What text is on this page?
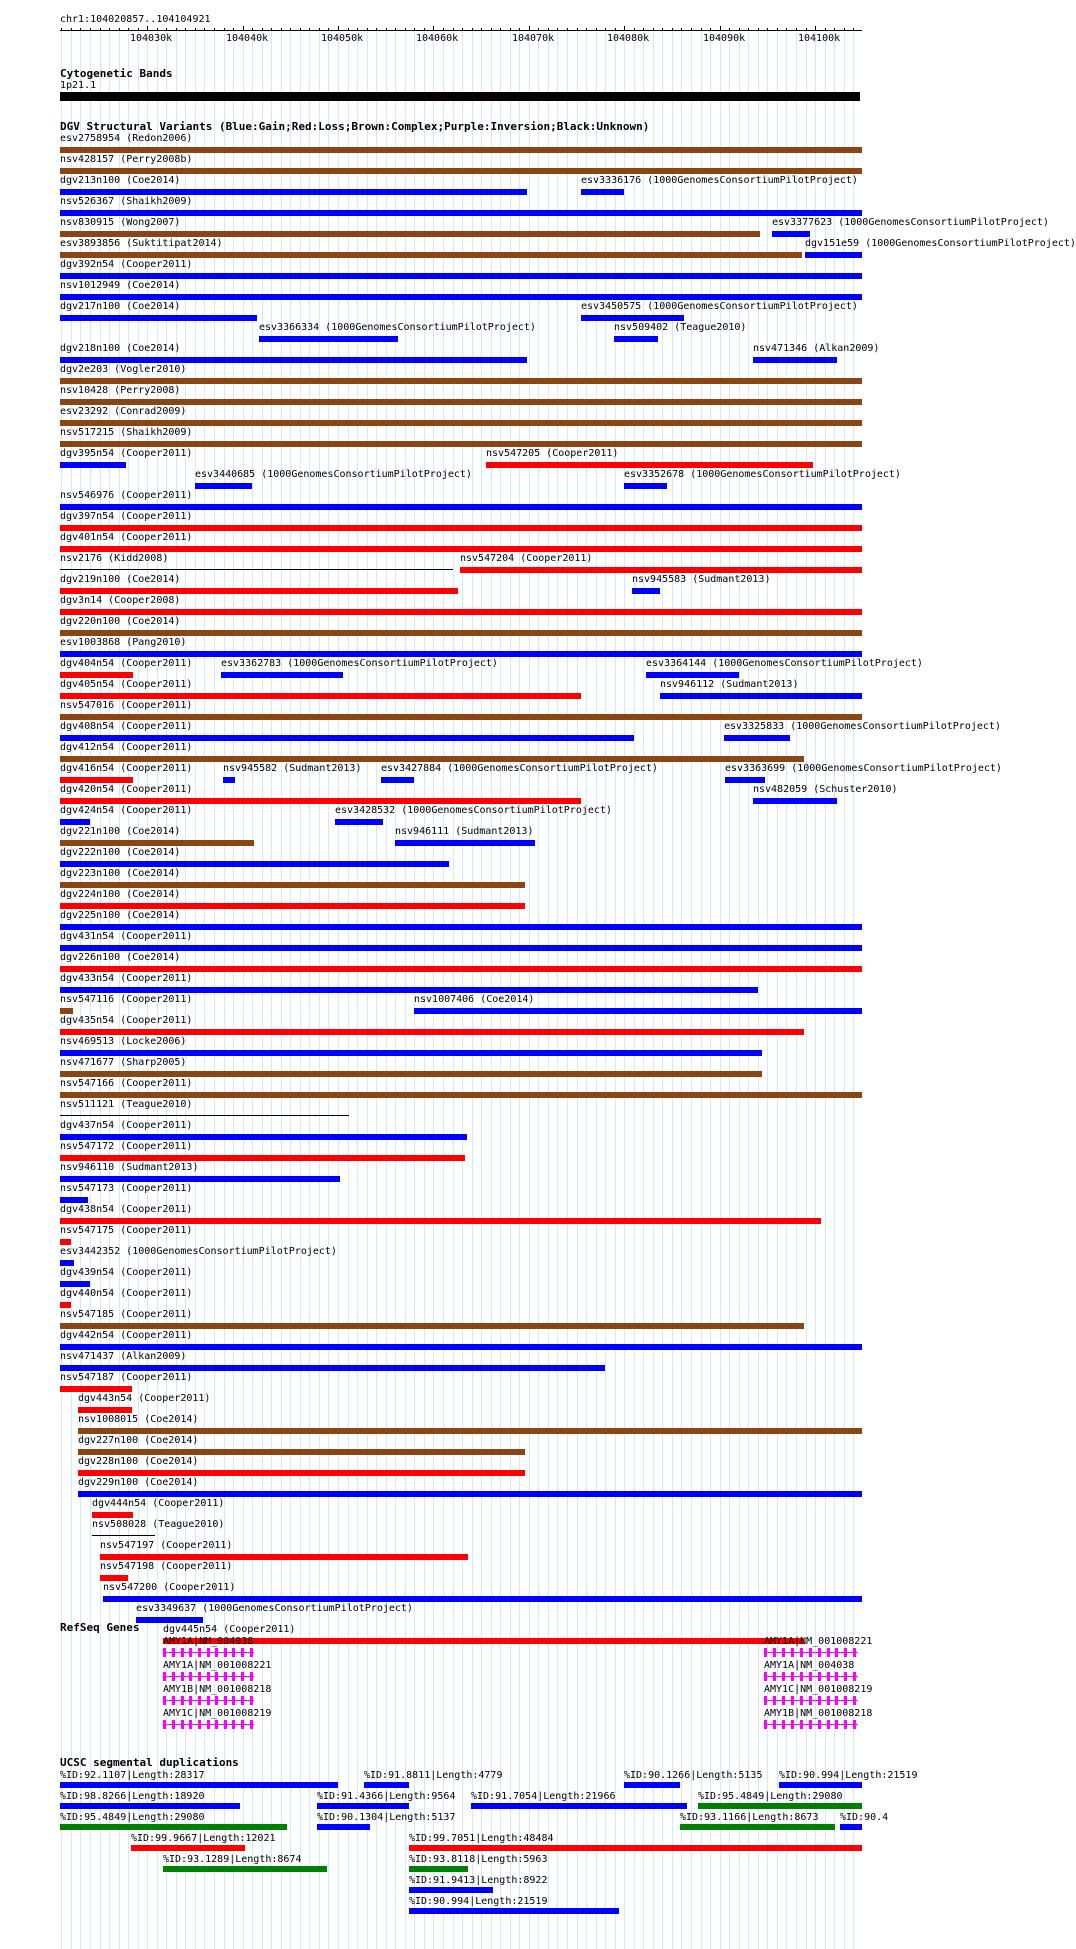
chr1:104020857..104104921
104030k	104040k	104050k	104060k	104070k	104080k	104090k	104100k
Cytogenetic Bands
1p21.1
DGV Structural Variants (Blue:Gain;Red:Loss;Brown:Complex;Purple:Inversion;Black:Unknown)
esv2758954 (Redon2006)
nsv428157 (Perry2008b)
dgv213n100 (Coe2014)	esv3336176 (1000GenomesConsortiumPilotProject)
nsv526367 (Shaikh2009)
nsv830915 (Wong2007)	esv3377623 (1000GenomesConsortiumPilotProject)
esv3893856 (Suktitipat2014)
dgv392n54 (Cooper2011)
nsv1012949 (Coe2014)
dgv217n100 (Coe2014)
esv3366334 (1000GenomesConsortiumPilotProject)
esv3450575 (1000GenomesConsortiumPilotProject)
dgv218n100 (Coe2014)
nsv509402 (Teague2010)
nsv471346 (Alkan2009)
dgv2e203 (Vogler2010)
nsv10428 (Perry2008)
esv23292 (Conrad2009)
nsv517215 (Shaikh2009)
dgv395n54 (Cooper2011)
esv3440685 (1000GenomesConsortiumPilotProject)
nsv547205 (Cooper2011)
nsv546976 (Cooper2011)
dgv397n54 (Cooper2011)
dgv401n54 (Cooper2011)
nsv2176 (Kidd2008)	nsv547204 (Cooper2011)
dgv219n100 (Coe2014)
esv3352678 (1000GenomesConsortiumPilotProject)
dgv3n14 (Cooper2008)
dgv220n100 (Coe2014)
esv1003868 (Pang2010)
dgv404n54 (Cooper2011)	esv3362783 (1000GenomesConsortiumPilotProject)
nsv945583 (Sudmant2013)
dgv151e59 (1000GenomesConsortiumPilotProject)
dgv405n54 (Cooper2011)
esv3364144 (1000GenomesConsortiumPilotProject)
nsv547016 (Cooper2011)
dgv408n54 (Cooper2011)
nsv946112 (Sudmant2013)
dgv412n54 (Cooper2011)
dgv416n54 (Cooper2011)	nsv945582 (Sudmant2013) esv3427884 (1000GenomesConsortiumPilotProject)
esv3325833 (1000GenomesConsortiumPilotProject)
dgv420n54 (Cooper2011)
esv3363699 (1000GenomesConsortiumPilotProject)
dgv424n54 (Cooper2011)	esv3428532 (1000GenomesConsortiumPilotProject)
nsv482059 (Schuster2010)
dgv221n100 (Coe2014)	nsv946111 (Sudmant2013)
dgv222n100 (Coe2014)
dgv223n100 (Coe2014)
dgv224n100 (Coe2014)
dgv225n100 (Coe2014)
dgv431n54 (Cooper2011)
dgv226n100 (Coe2014)
dgv433n54 (Cooper2011)
nsv547116 (Cooper2011)	nsv1007406 (Coe2014)
dgv435n54 (Cooper2011)
nsv469513 (Locke2006)
nsv471677 (Sharp2005)
nsv547166 (Cooper2011)
nsv511121 (Teague2010)
dgv437n54 (Cooper2011)
nsv547172 (Cooper2011)
nsv946110 (Sudmant2013)
nsv547173 (Cooper2011)
dgv438n54 (Cooper2011)
nsv547175 (Cooper2011)
esv3442352 (1000GenomesConsortiumPilotProject)
dgv439n54 (Cooper2011)
dgv440n54 (Cooper2011)
nsv547185 (Cooper2011)
dgv442n54 (Cooper2011)
nsv471437 (Alkan2009)
nsv547187 (Cooper2011)
dgv443n54 (Cooper2011)
nsv1008015 (Coe2014)
dgv227n100 (Coe2014)
dgv228n100 (Coe2014)
dgv229n100 (Coe2014)
dgv444n54 (Cooper2011)
nsv508028 (Teague2010)
nsv547197 (Cooper2011)
nsv547198 (Cooper2011)
nsv547200 (Cooper2011)
esv3349637 (1000GenomesConsortiumPilotProject)
dgv445n54 (Cooper2011)
RefSeq Genes
AMY1A|NM_004038
AMY1A|NM_001008221
AMY1B|NM_001008218
AMY1C|NM_001008219
AMY1A|NM_001008221
AMY1A|NM_004038
AMY1C|NM_001008219
AMY1B|NM_001008218
UCSC segmental duplications
%ID:92.1107|Length:28317	%ID:91.8811|Length:4779	%ID:90.1266|Length:5135 %ID:90.994|Length:21519
%ID:98.8266|Length:18920	%ID:91.4366|Length:9564 %ID:91.7054|Length:21966	%ID:95.4849|Length:29080
%ID:95.4849|Length:29080	%ID:90.1304|Length:5137	%ID:93.1166|Length:8673
%ID:99.9667|Length:12021	%ID:99.7051|Length:48484
%ID:93.1289|Length:8674	%ID:93.8118|Length:5963
%ID:90.4
%ID:91.9413|Length:8922
%ID:90.994|Length:21519
